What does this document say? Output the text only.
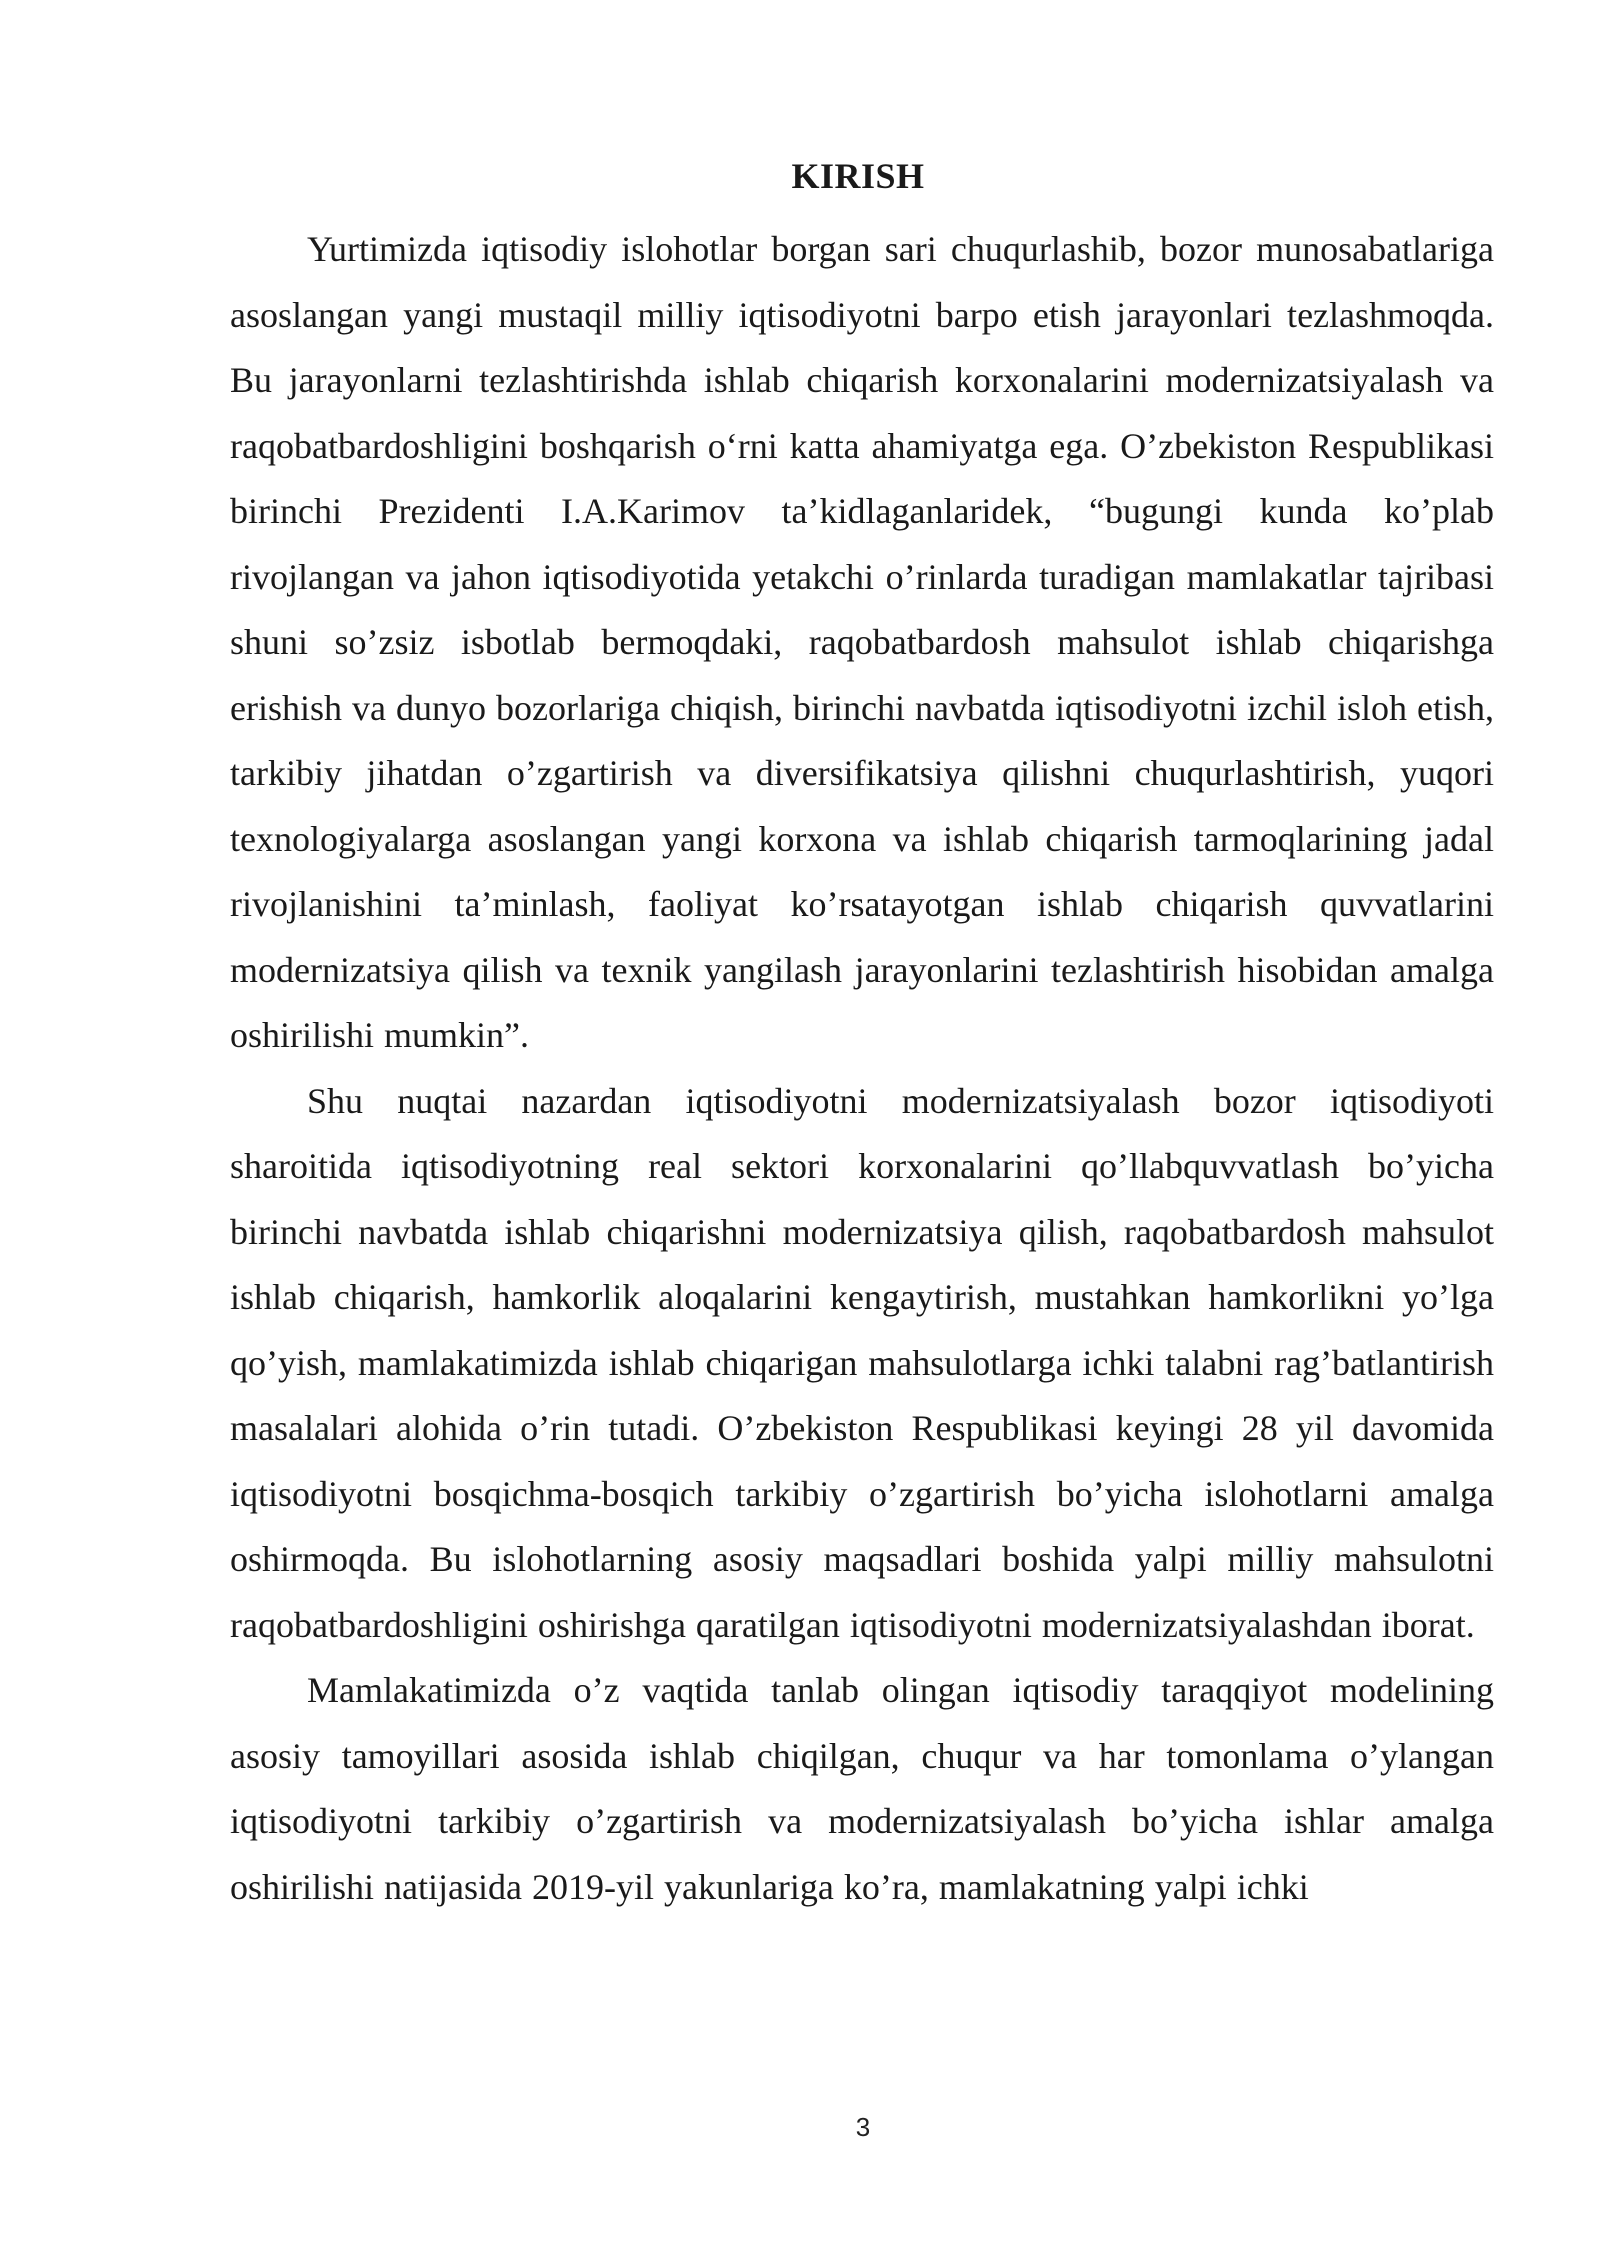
KIRISH

Yurtimizda iqtisodiy islohotlar borgan sari chuqurlashib, bozor munosabatlariga asoslangan yangi mustaqil milliy iqtisodiyotni barpo etish jarayonlari tezlashmoqda. Bu jarayonlarni tezlashtirishda ishlab chiqarish korxonalarini modernizatsiyalash va raqobatbardoshligini boshqarish o‘rni katta ahamiyatga ega. O’zbekiston Respublikasi birinchi Prezidenti I.A.Karimov ta’kidlaganlaridek, “bugungi kunda ko’plab rivojlangan va jahon iqtisodiyotida yetakchi o’rinlarda turadigan mamlakatlar tajribasi shuni so’zsiz isbotlab bermoqdaki, raqobatbardosh mahsulot ishlab chiqarishga erishish va dunyo bozorlariga chiqish, birinchi navbatda iqtisodiyotni izchil isloh etish, tarkibiy jihatdan o’zgartirish va diversifikatsiya qilishni chuqurlashtirish, yuqori texnologiyalarga asoslangan yangi korxona va ishlab chiqarish tarmoqlarining jadal rivojlanishini ta’minlash, faoliyat ko’rsatayotgan ishlab chiqarish quvvatlarini modernizatsiya qilish va texnik yangilash jarayonlarini tezlashtirish hisobidan amalga oshirilishi mumkin”.

Shu nuqtai nazardan iqtisodiyotni modernizatsiyalash bozor iqtisodiyoti sharoitida iqtisodiyotning real sektori korxonalarini qo’llabquvvatlash bo’yicha birinchi navbatda ishlab chiqarishni modernizatsiya qilish, raqobatbardosh mahsulot ishlab chiqarish, hamkorlik aloqalarini kengaytirish, mustahkan hamkorlikni yo’lga qo’yish, mamlakatimizda ishlab chiqarigan mahsulotlarga ichki talabni rag’batlantirish masalalari alohida o’rin tutadi. O’zbekiston Respublikasi keyingi 28 yil davomida iqtisodiyotni bosqichma-bosqich tarkibiy o’zgartirish bo’yicha islohotlarni amalga oshirmoqda. Bu islohotlarning asosiy maqsadlari boshida yalpi milliy mahsulotni raqobatbardoshligini oshirishga qaratilgan iqtisodiyotni modernizatsiyalashdan iborat.

Mamlakatimizda o’z vaqtida tanlab olingan iqtisodiy taraqqiyot modelining asosiy tamoyillari asosida ishlab chiqilgan, chuqur va har tomonlama o’ylangan iqtisodiyotni tarkibiy o’zgartirish va modernizatsiyalash bo’yicha ishlar amalga oshirilishi natijasida 2019-yil yakunlariga ko’ra, mamlakatning yalpi ichki

3
